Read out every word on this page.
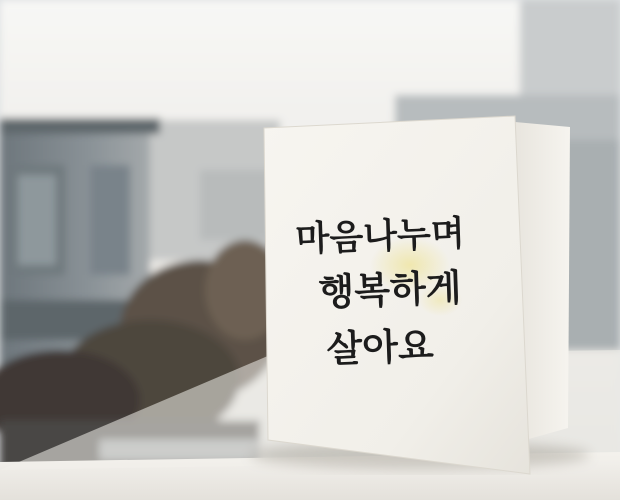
마음나누며
행복하게
살아요
